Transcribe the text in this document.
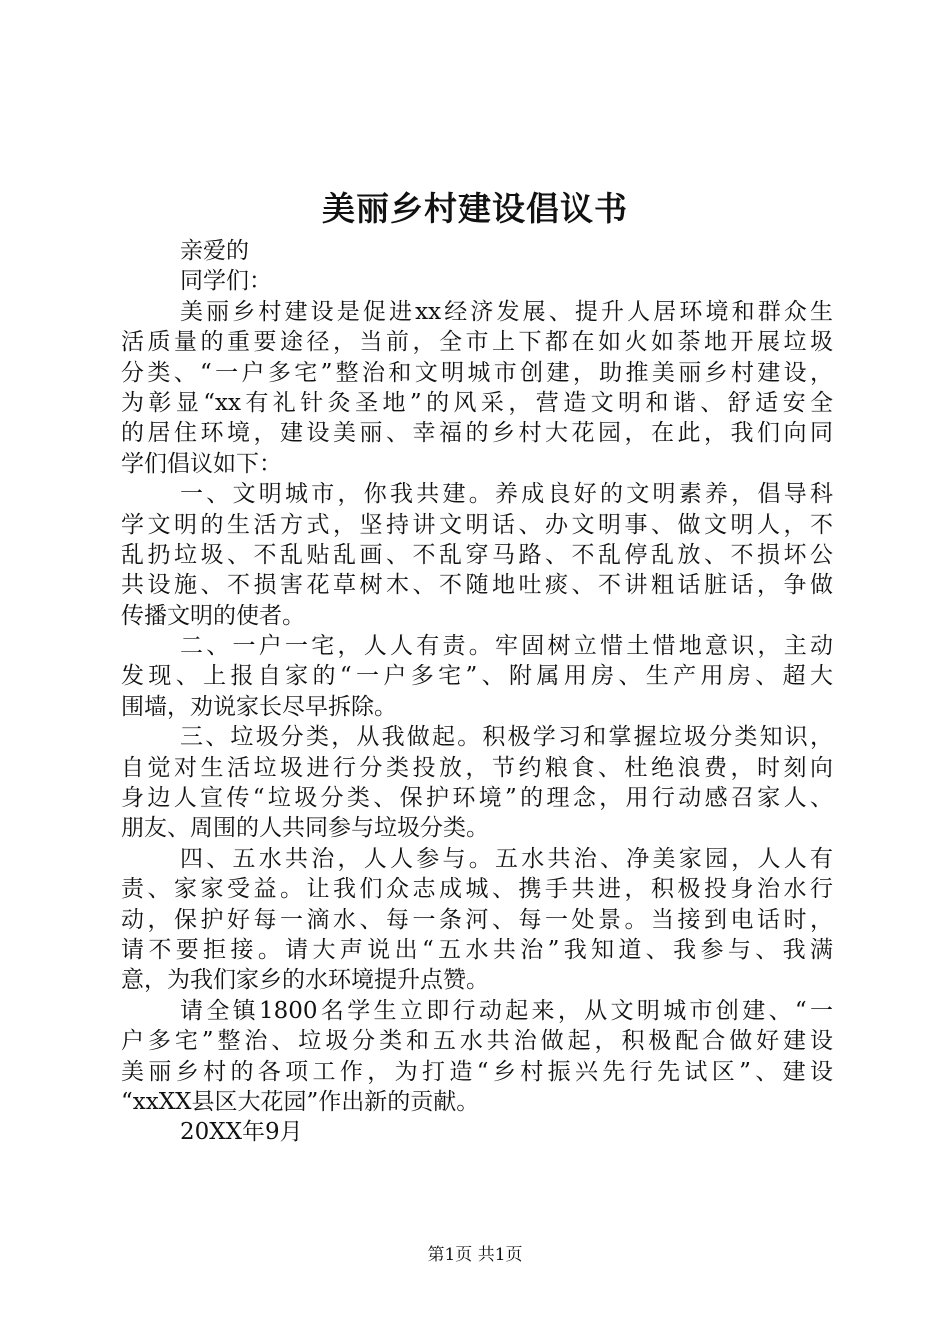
美丽乡村建设倡议书
亲爱的
同学们：
美丽乡村建设是促进xx经济发展、提升人居环境和群众生
活质量的重要途径，当前，全市上下都在如火如荼地开展垃圾
分类、“一户多宅”整治和文明城市创建，助推美丽乡村建设，
为彰显“xx有礼针灸圣地”的风采，营造文明和谐、舒适安全
的居住环境，建设美丽、幸福的乡村大花园，在此，我们向同
学们倡议如下：
一、文明城市，你我共建。养成良好的文明素养，倡导科
学文明的生活方式，坚持讲文明话、办文明事、做文明人，不
乱扔垃圾、不乱贴乱画、不乱穿马路、不乱停乱放、不损坏公
共设施、不损害花草树木、不随地吐痰、不讲粗话脏话，争做
传播文明的使者。
二、一户一宅，人人有责。牢固树立惜土惜地意识，主动
发现、上报自家的“一户多宅”、附属用房、生产用房、超大
围墙，劝说家长尽早拆除。
三、垃圾分类，从我做起。积极学习和掌握垃圾分类知识，
自觉对生活垃圾进行分类投放，节约粮食、杜绝浪费，时刻向
身边人宣传“垃圾分类、保护环境”的理念，用行动感召家人、
朋友、周围的人共同参与垃圾分类。
四、五水共治，人人参与。五水共治、净美家园，人人有
责、家家受益。让我们众志成城、携手共进，积极投身治水行
动，保护好每一滴水、每一条河、每一处景。当接到电话时，
请不要拒接。请大声说出“五水共治”我知道、我参与、我满
意，为我们家乡的水环境提升点赞。
请全镇1800名学生立即行动起来，从文明城市创建、“一
户多宅”整治、垃圾分类和五水共治做起，积极配合做好建设
美丽乡村的各项工作，为打造“乡村振兴先行先试区”、建设
“xxXX县区大花园”作出新的贡献。
20XX年9月
第1页 共1页
